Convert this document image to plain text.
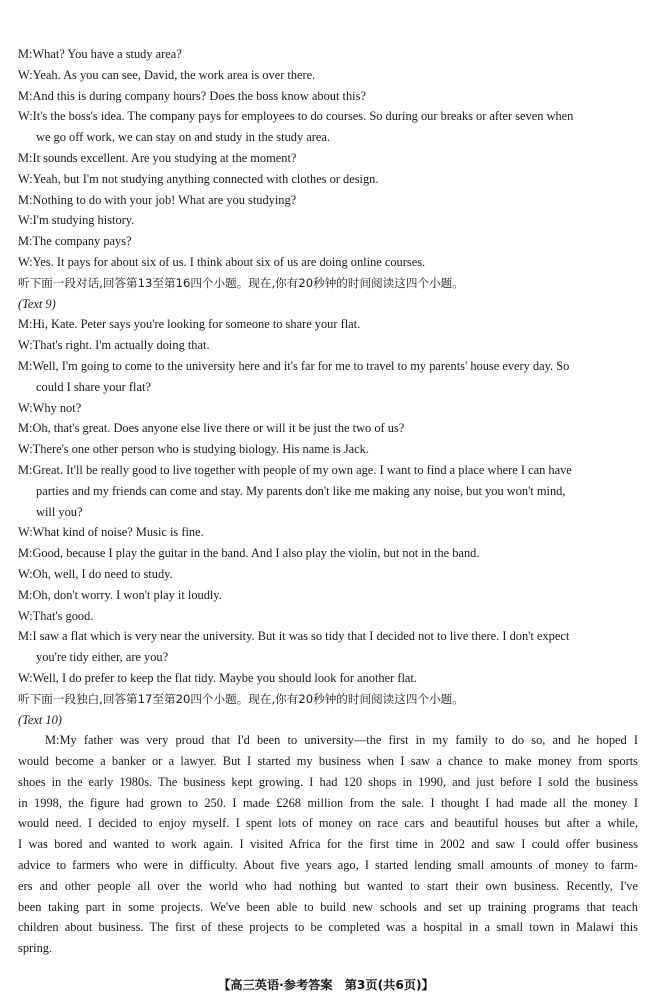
M:What? You have a study area?
W:Yeah. As you can see, David, the work area is over there.
M:And this is during company hours? Does the boss know about this?
W:It's the boss's idea. The company pays for employees to do courses. So during our breaks or after seven when
we go off work, we can stay on and study in the study area.
M:It sounds excellent. Are you studying at the moment?
W:Yeah, but I'm not studying anything connected with clothes or design.
M:Nothing to do with your job! What are you studying?
W:I'm studying history.
M:The company pays?
W:Yes. It pays for about six of us. I think about six of us are doing online courses.
听下面一段对话,回答第13至第16四个小题。现在,你有20秒钟的时间阅读这四个小题。
(Text 9)
M:Hi, Kate. Peter says you're looking for someone to share your flat.
W:That's right. I'm actually doing that.
M:Well, I'm going to come to the university here and it's far for me to travel to my parents' house every day. So
could I share your flat?
W:Why not?
M:Oh, that's great. Does anyone else live there or will it be just the two of us?
W:There's one other person who is studying biology. His name is Jack.
M:Great. It'll be really good to live together with people of my own age. I want to find a place where I can have
parties and my friends can come and stay. My parents don't like me making any noise, but you won't mind,
will you?
W:What kind of noise? Music is fine.
M:Good, because I play the guitar in the band. And I also play the violin, but not in the band.
W:Oh, well, I do need to study.
M:Oh, don't worry. I won't play it loudly.
W:That's good.
M:I saw a flat which is very near the university. But it was so tidy that I decided not to live there. I don't expect
you're tidy either, are you?
W:Well, I do prefer to keep the flat tidy. Maybe you should look for another flat.
听下面一段独白,回答第17至第20四个小题。现在,你有20秒钟的时间阅读这四个小题。
(Text 10)
M:My father was very proud that I'd been to university—the first in my family to do so, and he hoped I
would become a banker or a lawyer. But I started my business when I saw a chance to make money from sports
shoes in the early 1980s. The business kept growing. I had 120 shops in 1990, and just before I sold the business
in 1998, the figure had grown to 250. I made £268 million from the sale. I thought I had made all the money I
would need. I decided to enjoy myself. I spent lots of money on race cars and beautiful houses but after a while,
I was bored and wanted to work again. I visited Africa for the first time in 2002 and saw I could offer business
advice to farmers who were in difficulty. About five years ago, I started lending small amounts of money to farm-
ers and other people all over the world who had nothing but wanted to start their own business. Recently, I've
been taking part in some projects. We've been able to build new schools and set up training programs that teach
children about business. The first of these projects to be completed was a hospital in a small town in Malawi this
spring.
【高三英语·参考答案　第3页(共6页)】
